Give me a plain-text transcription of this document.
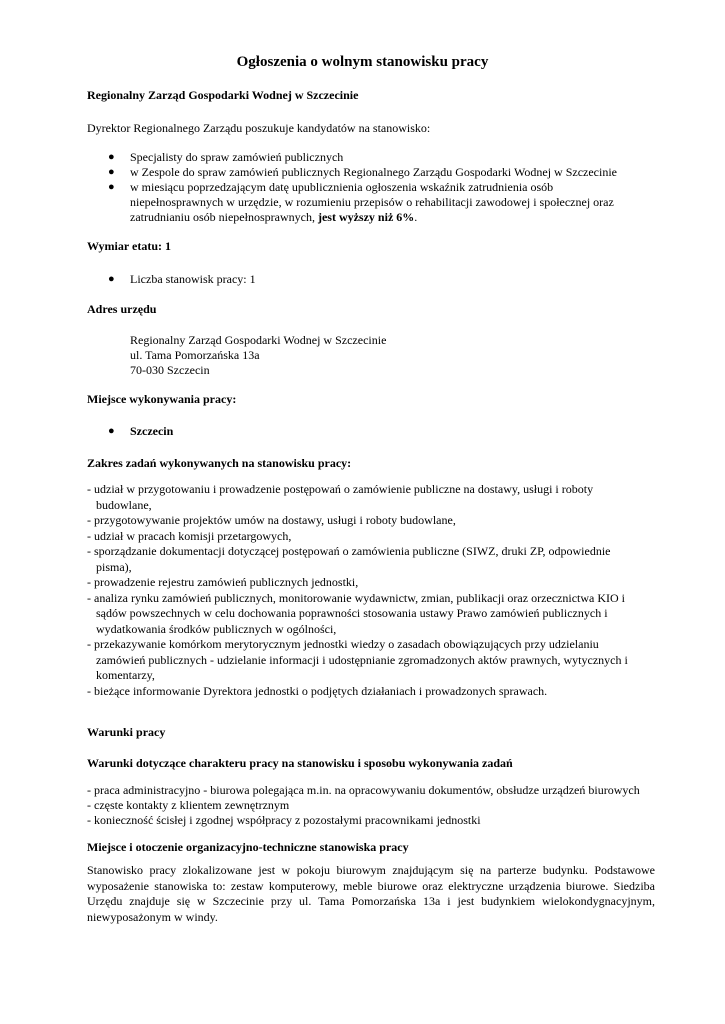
Ogłoszenia o wolnym stanowisku pracy
Regionalny Zarząd Gospodarki Wodnej w Szczecinie
Dyrektor Regionalnego Zarządu poszukuje kandydatów na stanowisko:
● Specjalisty do spraw zamówień publicznych
● w Zespole do spraw zamówień publicznych Regionalnego Zarządu Gospodarki Wodnej w Szczecinie
● w miesiącu poprzedzającym datę upublicznienia ogłoszenia wskaźnik zatrudnienia osób
niepełnosprawnych w urzędzie, w rozumieniu przepisów o rehabilitacji zawodowej i społecznej oraz
zatrudnianiu osób niepełnosprawnych, jest wyższy niż 6%.
Wymiar etatu: 1
● Liczba stanowisk pracy: 1
Adres urzędu
Regionalny Zarząd Gospodarki Wodnej w Szczecinie
ul. Tama Pomorzańska 13a
70-030 Szczecin
Miejsce wykonywania pracy:
● Szczecin
Zakres zadań wykonywanych na stanowisku pracy:
- udział w przygotowaniu i prowadzenie postępowań o zamówienie publiczne na dostawy, usługi i roboty
budowlane,
- przygotowywanie projektów umów na dostawy, usługi i roboty budowlane,
- udział w pracach komisji przetargowych,
- sporządzanie dokumentacji dotyczącej postępowań o zamówienia publiczne (SIWZ, druki ZP, odpowiednie
pisma),
- prowadzenie rejestru zamówień publicznych jednostki,
- analiza rynku zamówień publicznych, monitorowanie wydawnictw, zmian, publikacji oraz orzecznictwa KIO i
sądów powszechnych w celu dochowania poprawności stosowania ustawy Prawo zamówień publicznych i
wydatkowania środków publicznych w ogólności,
- przekazywanie komórkom merytorycznym jednostki wiedzy o zasadach obowiązujących przy udzielaniu
zamówień publicznych - udzielanie informacji i udostępnianie zgromadzonych aktów prawnych, wytycznych i
komentarzy,
- bieżące informowanie Dyrektora jednostki o podjętych działaniach i prowadzonych sprawach.
Warunki pracy
Warunki dotyczące charakteru pracy na stanowisku i sposobu wykonywania zadań
- praca administracyjno - biurowa polegająca m.in. na opracowywaniu dokumentów, obsłudze urządzeń biurowych
- częste kontakty z klientem zewnętrznym
- konieczność ścisłej i zgodnej współpracy z pozostałymi pracownikami jednostki
Miejsce i otoczenie organizacyjno-techniczne stanowiska pracy
Stanowisko pracy zlokalizowane jest w pokoju biurowym znajdującym się na parterze budynku. Podstawowe
wyposażenie stanowiska to: zestaw komputerowy, meble biurowe oraz elektryczne urządzenia biurowe. Siedziba
Urzędu znajduje się w Szczecinie przy ul. Tama Pomorzańska 13a i jest budynkiem wielokondygnacyjnym,
niewyposażonym w windy.
